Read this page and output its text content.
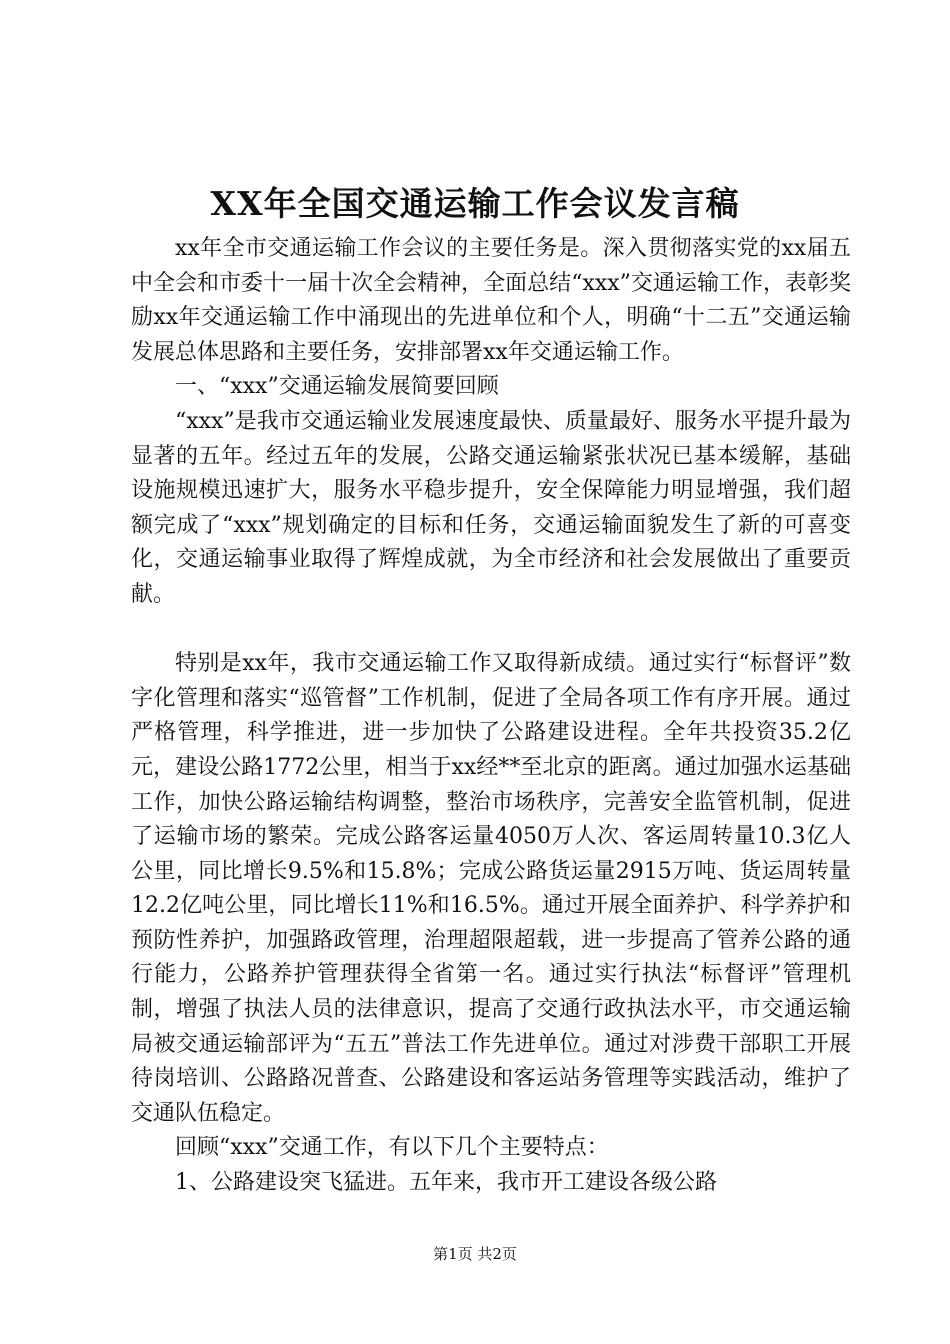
XX年全国交通运输工作会议发言稿

xx年全市交通运输工作会议的主要任务是。深入贯彻落实党的xx届五中全会和市委十一届十次全会精神，全面总结“xxx”交通运输工作，表彰奖励xx年交通运输工作中涌现出的先进单位和个人，明确“十二五”交通运输发展总体思路和主要任务，安排部署xx年交通运输工作。

一、“xxx”交通运输发展简要回顾

“xxx”是我市交通运输业发展速度最快、质量最好、服务水平提升最为显著的五年。经过五年的发展，公路交通运输紧张状况已基本缓解，基础设施规模迅速扩大，服务水平稳步提升，安全保障能力明显增强，我们超额完成了“xxx”规划确定的目标和任务，交通运输面貌发生了新的可喜变化，交通运输事业取得了辉煌成就，为全市经济和社会发展做出了重要贡献。

特别是xx年，我市交通运输工作又取得新成绩。通过实行“标督评”数字化管理和落实“巡管督”工作机制，促进了全局各项工作有序开展。通过严格管理，科学推进，进一步加快了公路建设进程。全年共投资35.2亿元，建设公路1772公里，相当于xx经**至北京的距离。通过加强水运基础工作，加快公路运输结构调整，整治市场秩序，完善安全监管机制，促进了运输市场的繁荣。完成公路客运量4050万人次、客运周转量10.3亿人公里，同比增长9.5%和15.8%；完成公路货运量2915万吨、货运周转量12.2亿吨公里，同比增长11%和16.5%。通过开展全面养护、科学养护和预防性养护，加强路政管理，治理超限超载，进一步提高了管养公路的通行能力，公路养护管理获得全省第一名。通过实行执法“标督评”管理机制，增强了执法人员的法律意识，提高了交通行政执法水平，市交通运输局被交通运输部评为“五五”普法工作先进单位。通过对涉费干部职工开展待岗培训、公路路况普查、公路建设和客运站务管理等实践活动，维护了交通队伍稳定。

回顾“xxx”交通工作，有以下几个主要特点：

1、公路建设突飞猛进。五年来，我市开工建设各级公路

第1页 共2页
